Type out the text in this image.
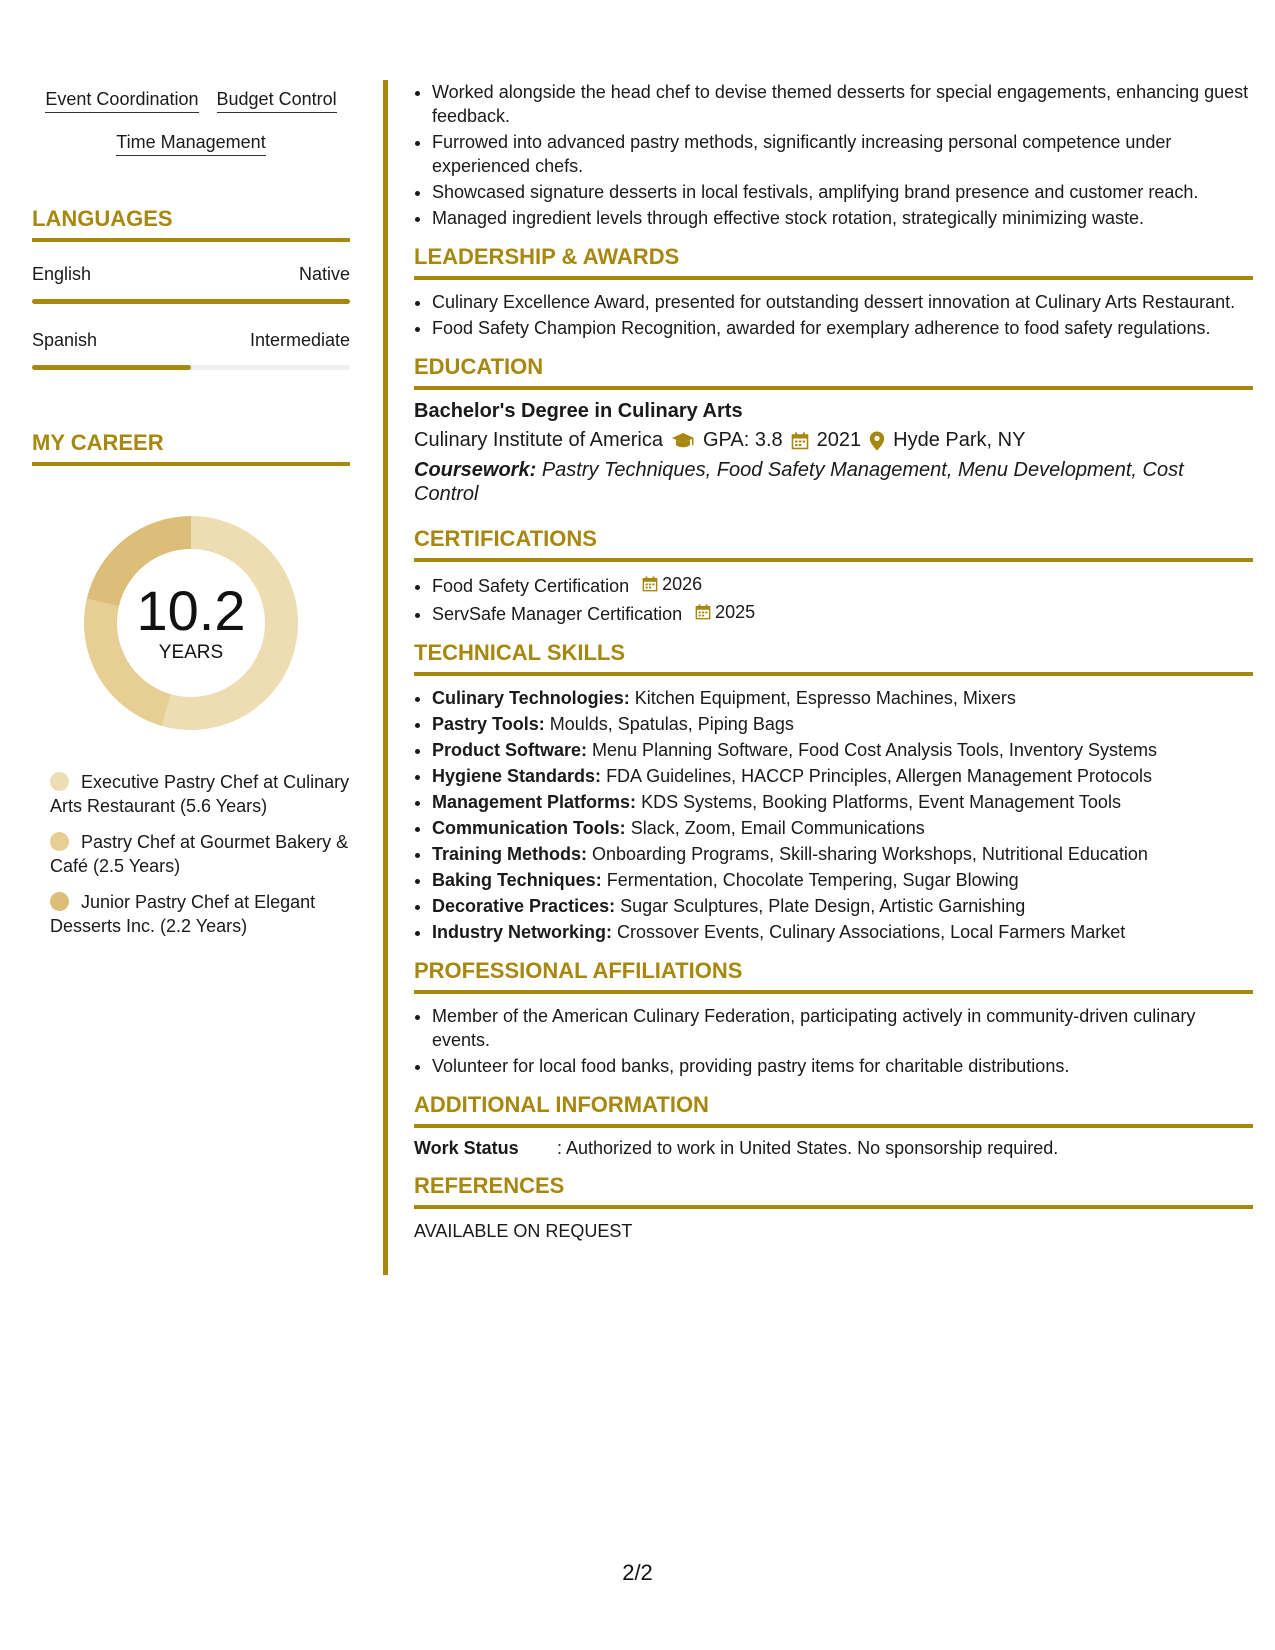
Event Coordination Budget Control
Time Management
LANGUAGES
English	Native
Spanish	Intermediate
MY CAREER
10.2
YEARS
Executive Pastry Chef at Culinary Arts Restaurant (5.6 Years)
Pastry Chef at Gourmet Bakery & Café (2.5 Years)
Junior Pastry Chef at Elegant Desserts Inc. (2.2 Years)
• Worked alongside the head chef to devise themed desserts for special engagements, enhancing guest feedback.
• Furrowed into advanced pastry methods, significantly increasing personal competence under experienced chefs.
• Showcased signature desserts in local festivals, amplifying brand presence and customer reach.
• Managed ingredient levels through effective stock rotation, strategically minimizing waste.
LEADERSHIP & AWARDS
• Culinary Excellence Award, presented for outstanding dessert innovation at Culinary Arts Restaurant.
• Food Safety Champion Recognition, awarded for exemplary adherence to food safety regulations.
EDUCATION
Bachelor's Degree in Culinary Arts
Culinary Institute of America GPA: 3.8 2021 Hyde Park, NY
Coursework: Pastry Techniques, Food Safety Management, Menu Development, Cost Control
CERTIFICATIONS
• Food Safety Certification 2026
• ServSafe Manager Certification 2025
TECHNICAL SKILLS
• Culinary Technologies: Kitchen Equipment, Espresso Machines, Mixers
• Pastry Tools: Moulds, Spatulas, Piping Bags
• Product Software: Menu Planning Software, Food Cost Analysis Tools, Inventory Systems
• Hygiene Standards: FDA Guidelines, HACCP Principles, Allergen Management Protocols
• Management Platforms: KDS Systems, Booking Platforms, Event Management Tools
• Communication Tools: Slack, Zoom, Email Communications
• Training Methods: Onboarding Programs, Skill-sharing Workshops, Nutritional Education
• Baking Techniques: Fermentation, Chocolate Tempering, Sugar Blowing
• Decorative Practices: Sugar Sculptures, Plate Design, Artistic Garnishing
• Industry Networking: Crossover Events, Culinary Associations, Local Farmers Market
PROFESSIONAL AFFILIATIONS
• Member of the American Culinary Federation, participating actively in community-driven culinary events.
• Volunteer for local food banks, providing pastry items for charitable distributions.
ADDITIONAL INFORMATION
Work Status	: Authorized to work in United States. No sponsorship required.
REFERENCES
AVAILABLE ON REQUEST
2/2
